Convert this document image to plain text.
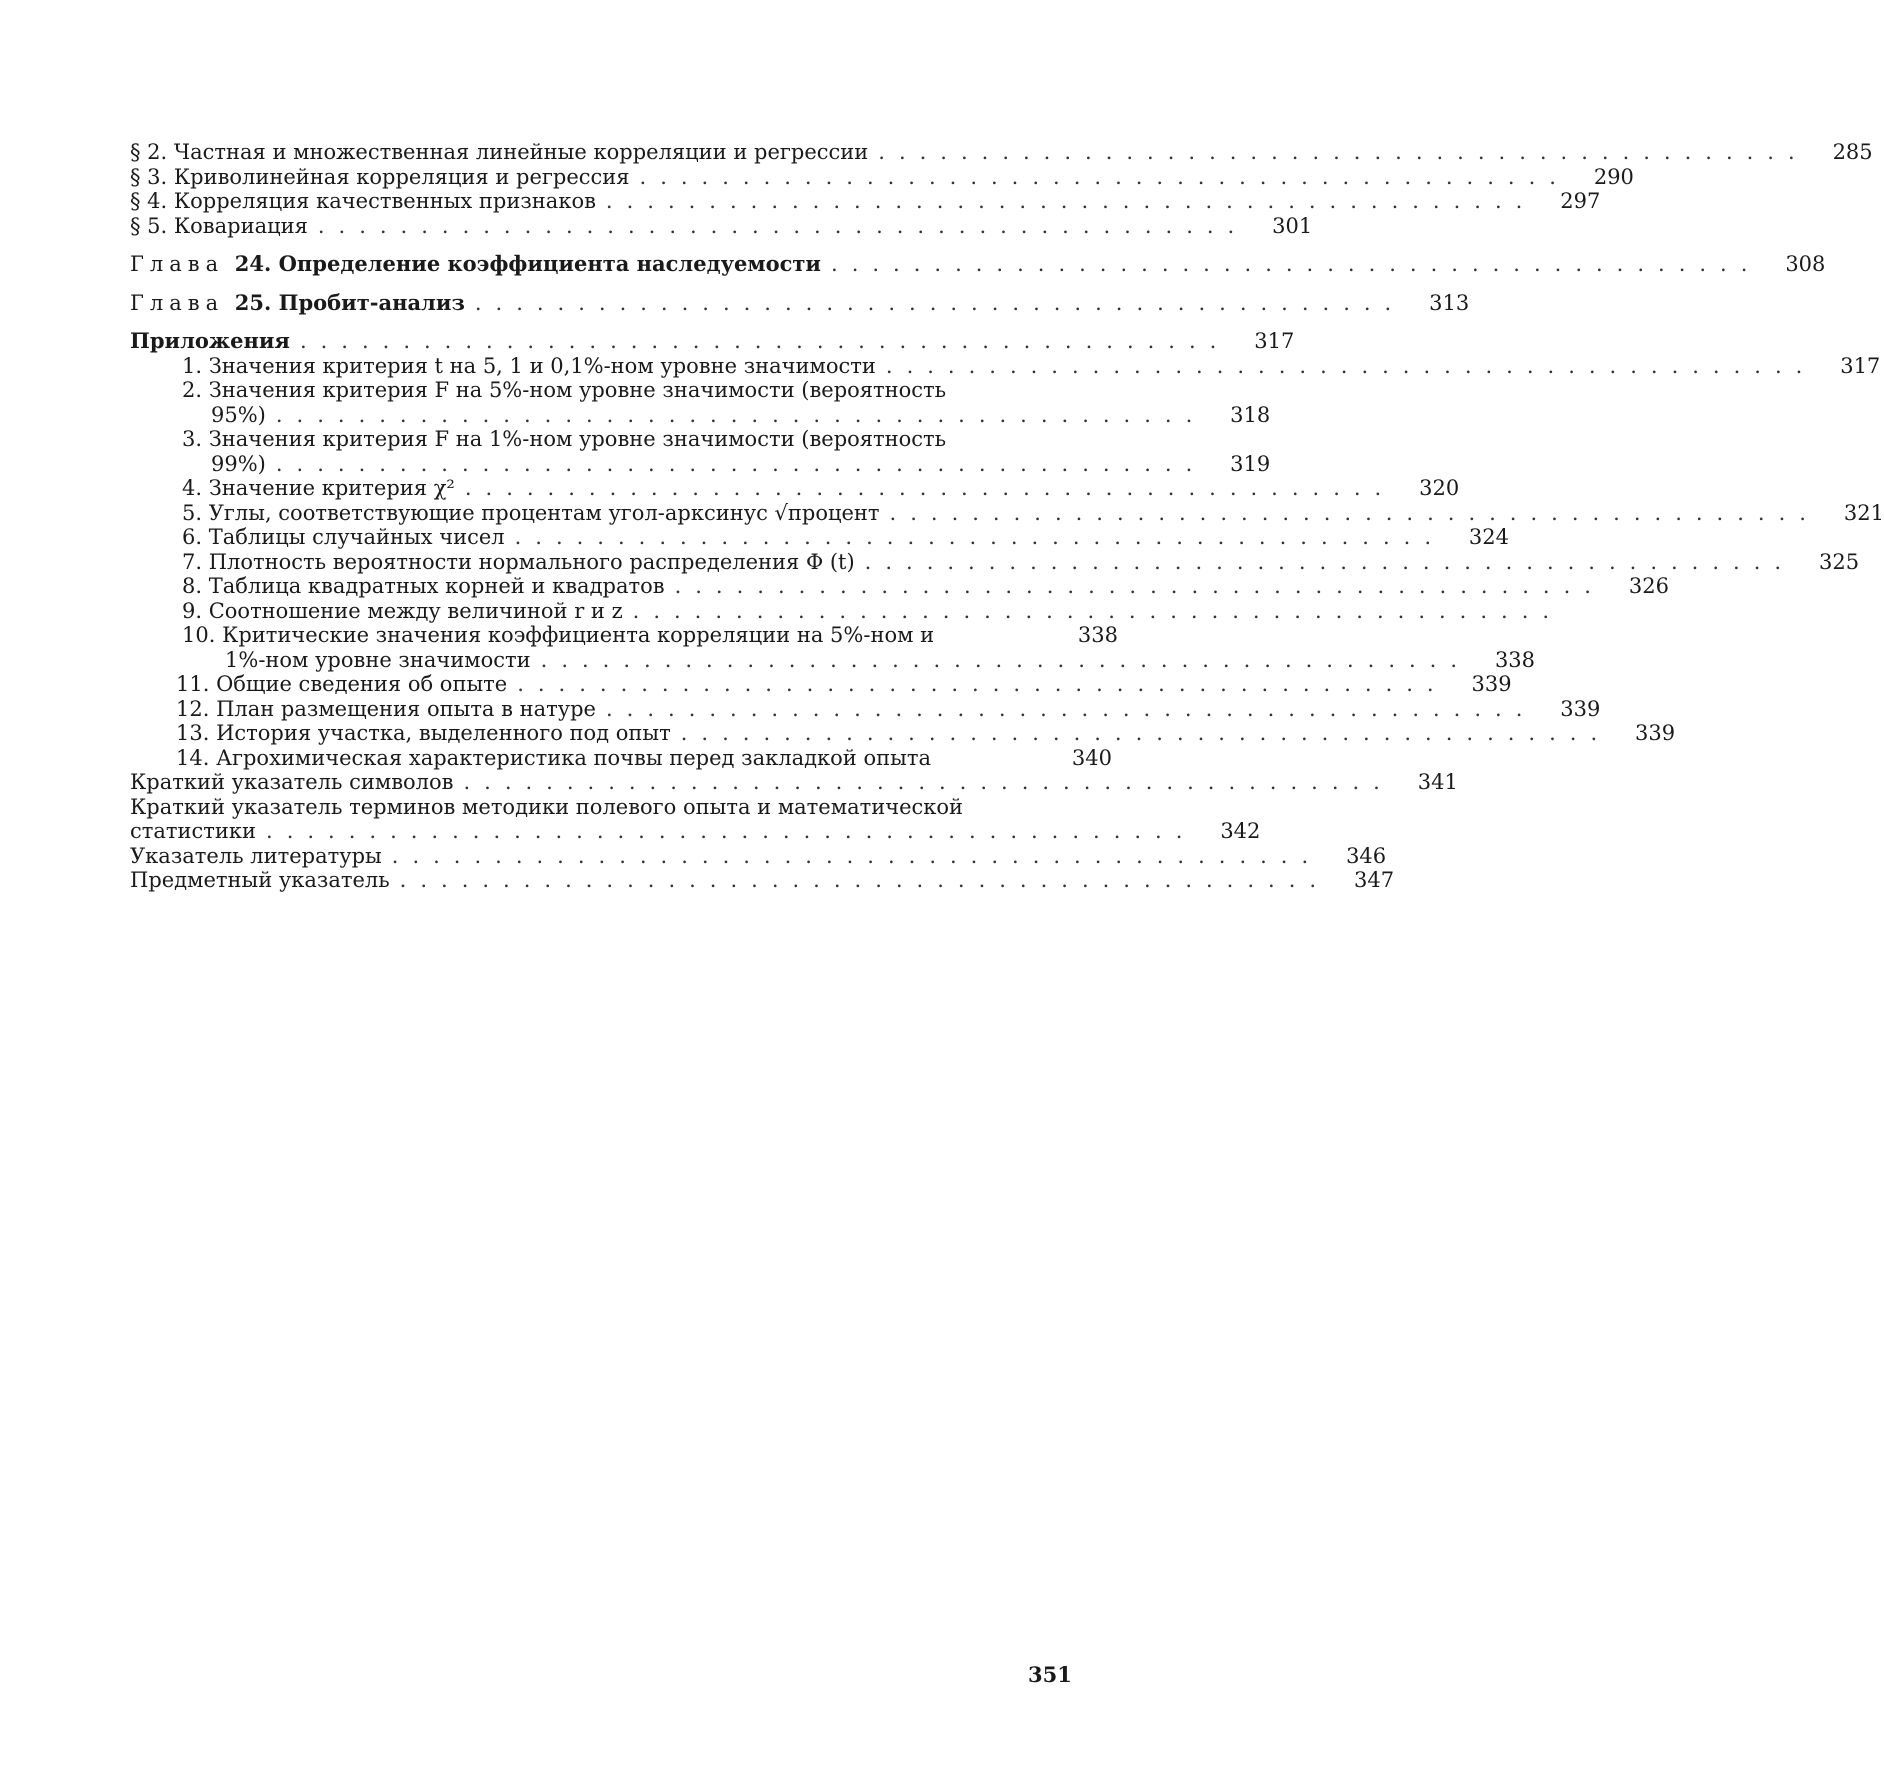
§ 2. Частная и множественная линейные корреляции и регрессии .............................................	285
§ 3. Криволинейная корреляция и регрессия .............................................	290
§ 4. Корреляция качественных признаков .............................................	297
§ 5. Ковариация .............................................	301
Глава 24. Определение коэффициента наследуемости .............................................	308
Глава 25. Пробит-анализ .............................................	313
Приложения .............................................	317
1. Значения критерия t на 5, 1 и 0,1%-ном уровне значимости .............................................	317
2. Значения критерия F на 5%-ном уровне значимости (вероятность
95%) .............................................	318
3. Значения критерия F на 1%-ном уровне значимости (вероятность
99%) .............................................	319
4. Значение критерия χ² .............................................	320
5. Углы, соответствующие процентам угол-арксинус √процент .............................................	321
6. Таблицы случайных чисел .............................................	324
7. Плотность вероятности нормального распределения Φ (t) .............................................	325
8. Таблица квадратных корней и квадратов .............................................	326
9. Соотношение между величиной r и z .............................................
10. Критические значения коэффициента корреляции на 5%-ном и	338
1%-ном уровне значимости .............................................	338
11. Общие сведения об опыте .............................................	339
12. План размещения опыта в натуре .............................................	339
13. История участка, выделенного под опыт .............................................	339
14. Агрохимическая характеристика почвы перед закладкой опыта	340
Краткий указатель символов .............................................	341
Краткий указатель терминов методики полевого опыта и математической
статистики .............................................	342
Указатель литературы .............................................	346
Предметный указатель .............................................	347
351
